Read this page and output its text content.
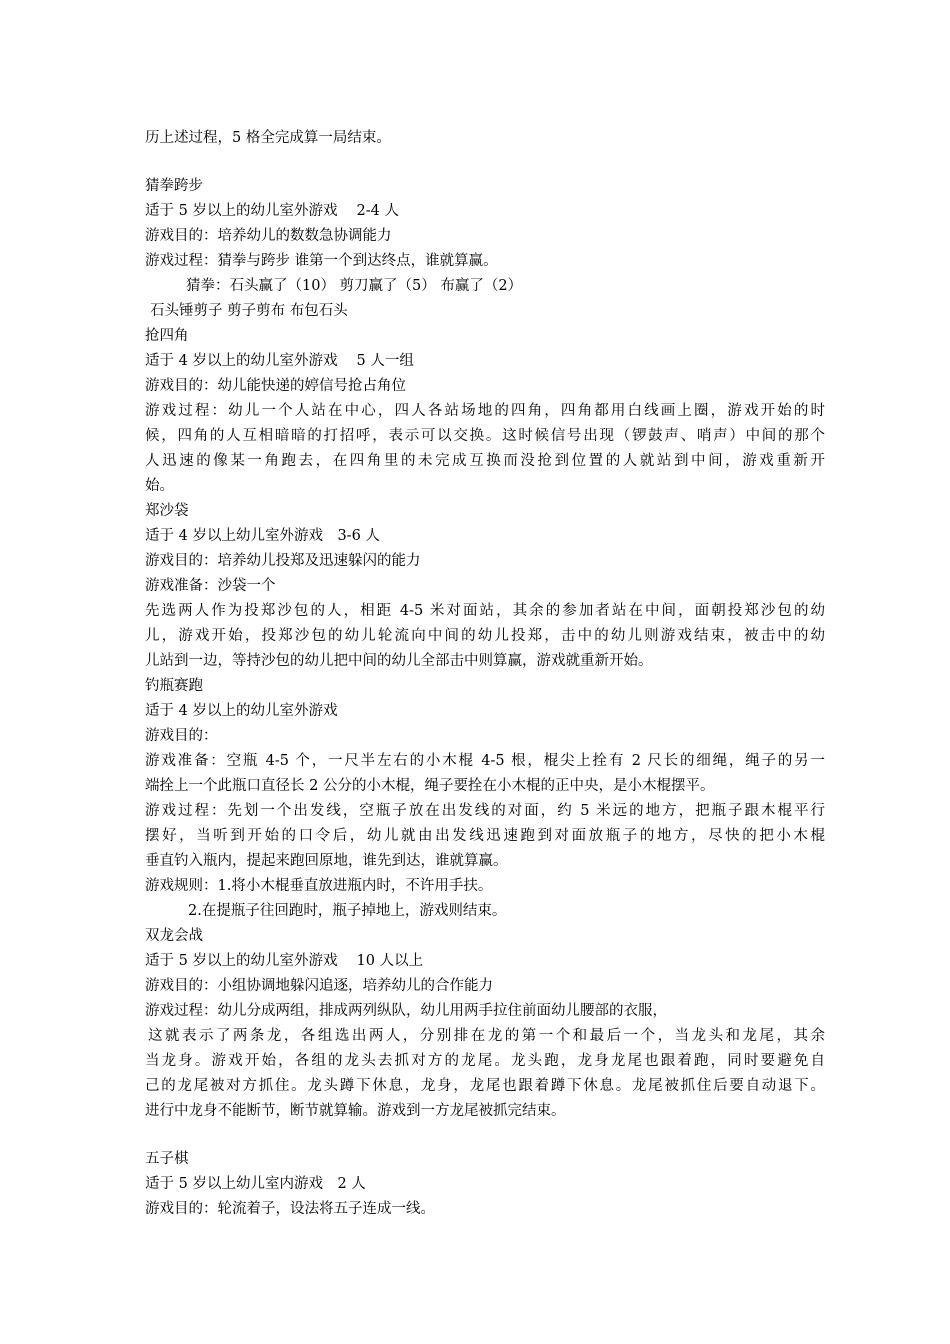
历上述过程，5 格全完成算一局结束。
猜拳跨步
适于 5 岁以上的幼儿室外游戏　 2-4 人
游戏目的：培养幼儿的数数急协调能力
游戏过程：猜拳与跨步 谁第一个到达终点，谁就算赢。
猜拳：石头赢了（10） 剪刀赢了（5） 布赢了（2）
石头锤剪子 剪子剪布 布包石头
抢四角
适于 4 岁以上的幼儿室外游戏　 5 人一组
游戏目的：幼儿能快递的婷信号抢占角位
游戏过程：幼儿一个人站在中心，四人各站场地的四角，四角都用白线画上圈，游戏开始的时
候，四角的人互相暗暗的打招呼，表示可以交换。这时候信号出现（锣鼓声、哨声）中间的那个
人迅速的像某一角跑去，在四角里的未完成互换而没抢到位置的人就站到中间，游戏重新开
始。
郑沙袋
适于 4 岁以上幼儿室外游戏　3-6 人
游戏目的：培养幼儿投郑及迅速躲闪的能力
游戏准备：沙袋一个
先选两人作为投郑沙包的人，相距 4-5 米对面站，其余的参加者站在中间，面朝投郑沙包的幼
儿，游戏开始，投郑沙包的幼儿轮流向中间的幼儿投郑，击中的幼儿则游戏结束，被击中的幼
儿站到一边，等持沙包的幼儿把中间的幼儿全部击中则算赢，游戏就重新开始。
钓瓶赛跑
适于 4 岁以上的幼儿室外游戏
游戏目的：
游戏准备：空瓶 4-5 个，一尺半左右的小木棍 4-5 根，棍尖上拴有 2 尺长的细绳，绳子的另一
端拴上一个此瓶口直径长 2 公分的小木棍，绳子要拴在小木棍的正中央，是小木棍摆平。
游戏过程：先划一个出发线，空瓶子放在出发线的对面，约 5 米远的地方，把瓶子跟木棍平行
摆好，当听到开始的口令后，幼儿就由出发线迅速跑到对面放瓶子的地方，尽快的把小木棍
垂直钓入瓶内，提起来跑回原地，谁先到达，谁就算赢。
游戏规则：1.将小木棍垂直放进瓶内时，不许用手扶。
2.在提瓶子往回跑时，瓶子掉地上，游戏则结束。
双龙会战
适于 5 岁以上的幼儿室外游戏　 10 人以上
游戏目的：小组协调地躲闪追逐，培养幼儿的合作能力
游戏过程：幼儿分成两组，排成两列纵队，幼儿用两手拉住前面幼儿腰部的衣服，
这就表示了两条龙，各组选出两人，分别排在龙的第一个和最后一个，当龙头和龙尾，其余
当龙身。游戏开始，各组的龙头去抓对方的龙尾。龙头跑，龙身龙尾也跟着跑，同时要避免自
己的龙尾被对方抓住。龙头蹲下休息，龙身，龙尾也跟着蹲下休息。龙尾被抓住后要自动退下。
进行中龙身不能断节，断节就算输。游戏到一方龙尾被抓完结束。
五子棋
适于 5 岁以上幼儿室内游戏　2 人
游戏目的：轮流着子，设法将五子连成一线。
